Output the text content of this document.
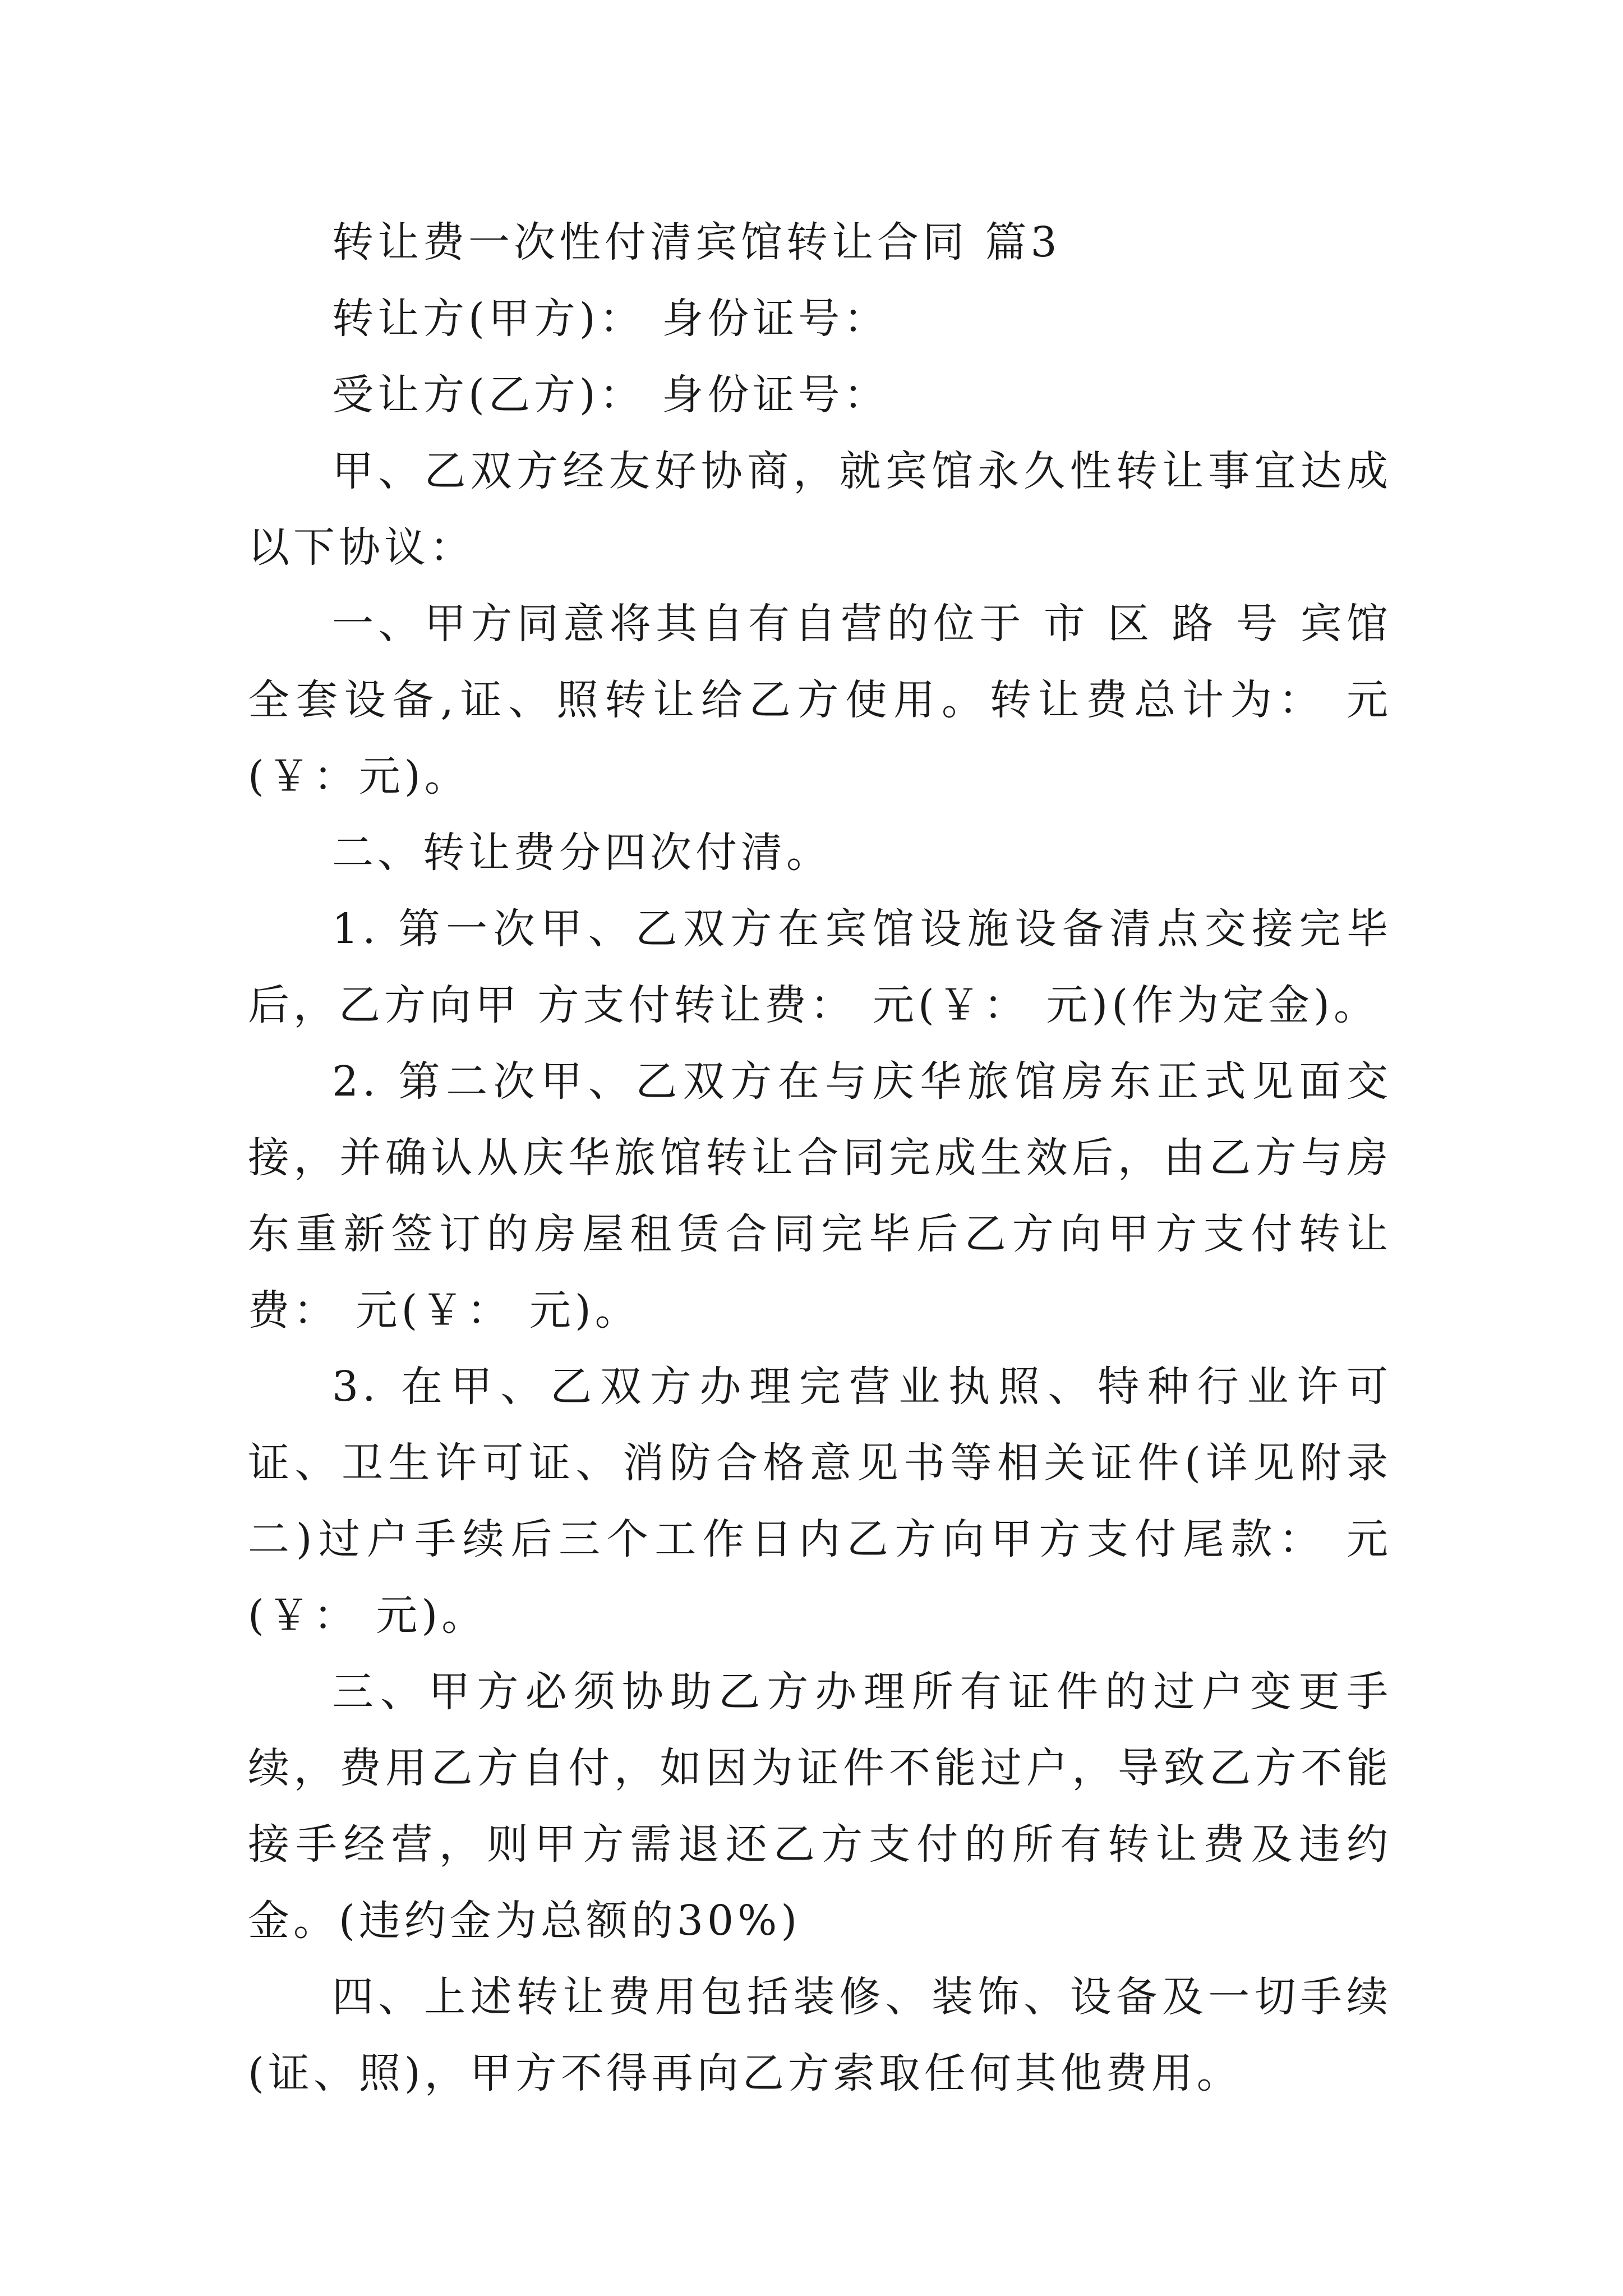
转让费一次性付清宾馆转让合同 篇3

转让方(甲方)： 身份证号：

受让方(乙方)： 身份证号：

甲、乙双方经友好协商，就宾馆永久性转让事宜达成以下协议：

一、甲方同意将其自有自营的位于 市 区 路 号 宾馆全套设备,证、照转让给乙方使用。转让费总计为： 元(￥：元)。

二、转让费分四次付清。

1. 第一次甲、乙双方在宾馆设施设备清点交接完毕后，乙方向甲 方支付转让费： 元(￥： 元)(作为定金)。

2. 第二次甲、乙双方在与庆华旅馆房东正式见面交接，并确认从庆华旅馆转让合同完成生效后，由乙方与房东重新签订的房屋租赁合同完毕后乙方向甲方支付转让费： 元(￥： 元)。

3. 在甲、乙双方办理完营业执照、特种行业许可证、卫生许可证、消防合格意见书等相关证件(详见附录二)过户手续后三个工作日内乙方向甲方支付尾款： 元(￥： 元)。

三、甲方必须协助乙方办理所有证件的过户变更手续，费用乙方自付，如因为证件不能过户，导致乙方不能接手经营，则甲方需退还乙方支付的所有转让费及违约金。(违约金为总额的30%)

四、上述转让费用包括装修、装饰、设备及一切手续(证、照)，甲方不得再向乙方索取任何其他费用。
